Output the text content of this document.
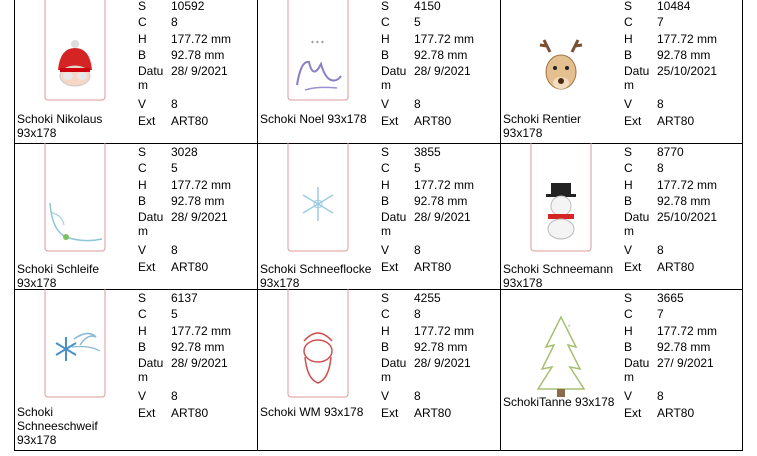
Schoki Nikolaus 93x178
S	10592
C	8
H	177.72 mm
B	92.78 mm
Datu m
28/ 9/2021
V	8
Ext	ART80
* * *
Schoki Noel 93x178
S	4150
C	5
H	177.72 mm
B	92.78 mm
Datu m
28/ 9/2021
V	8
Ext	ART80	Schoki Rentier 93x178
S	10484
C	7
H	177.72 mm
B	92.78 mm
Datu m
25/10/2021
V	8
Ext	ART80
Schoki Schleife 93x178
S	3028
C	5
H	177.72 mm
B	92.78 mm
Datu m
28/ 9/2021
V	8
Ext	ART80	Schoki Schneeflocke 93x178
S	3855
C	5
H	177.72 mm
B	92.78 mm
Datu m
28/ 9/2021
V	8
Ext	ART80	Schoki Schneemann 93x178
S	8770
C	8
H	177.72 mm
B	92.78 mm
Datu m
25/10/2021
V	8
Ext	ART80
Schoki Schneeschweif 93x178
S	6137
C	5
H	177.72 mm
B	92.78 mm
Datu m
28/ 9/2021
V	8
Ext	ART80	Schoki WM 93x178
S	4255
C	8
H	177.72 mm
B	92.78 mm
Datu m
28/ 9/2021
V	8
Ext	ART80
*
SchokiTanne 93x178
S	3665
C	7
H	177.72 mm
B	92.78 mm
Datu m
27/ 9/2021
V	8
Ext	ART80
